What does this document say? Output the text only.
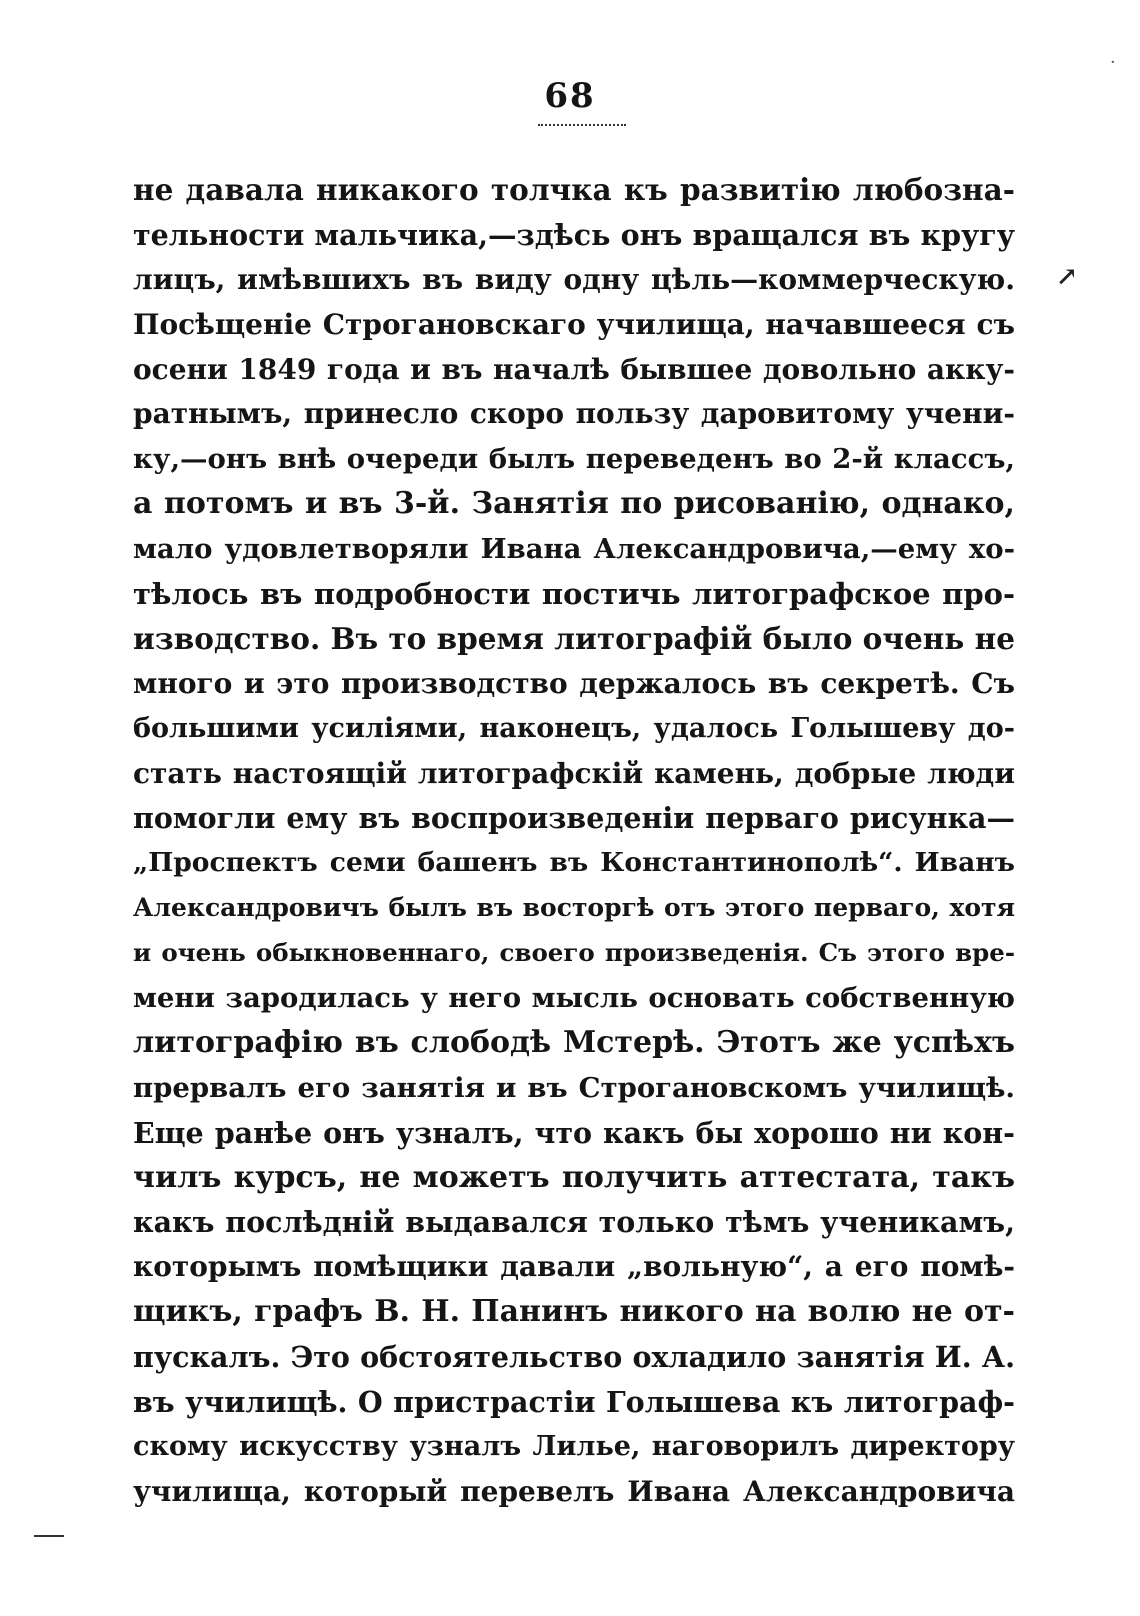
·
68
↗
не давала никакого толчка къ развитію любозна-
тельности мальчика,—здѣсь онъ вращался въ кругу
лицъ, имѣвшихъ въ виду одну цѣль—коммерческую.
Посѣщеніе Строгановскаго училища, начавшееся съ
осени 1849 года и въ началѣ бывшее довольно акку-
ратнымъ, принесло скоро пользу даровитому учени-
ку,—онъ внѣ очереди былъ переведенъ во 2-й классъ,
а потомъ и въ 3-й. Занятія по рисованію, однако,
мало удовлетворяли Ивана Александровича,—ему хо-
тѣлось въ подробности постичь литографское про-
изводство. Въ то время литографій было очень не
много и это производство держалось въ секретѣ. Съ
большими усиліями, наконецъ, удалось Голышеву до-
стать настоящій литографскій камень, добрые люди
помогли ему въ воспроизведеніи перваго рисунка—
„Проспектъ семи башенъ въ Константинополѣ“. Иванъ
Александровичъ былъ въ восторгѣ отъ этого перваго, хотя
и очень обыкновеннаго, своего произведенія. Съ этого вре-
мени зародилась у него мысль основать собственную
литографію въ слободѣ Мстерѣ. Этотъ же успѣхъ
прервалъ его занятія и въ Строгановскомъ училищѣ.
Еще ранѣе онъ узналъ, что какъ бы хорошо ни кон-
чилъ курсъ, не можетъ получить аттестата, такъ
какъ послѣдній выдавался только тѣмъ ученикамъ,
которымъ помѣщики давали „вольную“, а его помѣ-
щикъ, графъ В. Н. Панинъ никого на волю не от-
пускалъ. Это обстоятельство охладило занятія И. А.
въ училищѣ. О пристрастіи Голышева къ литограф-
скому искусству узналъ Лилье, наговорилъ директору
училища, который перевелъ Ивана Александровича
